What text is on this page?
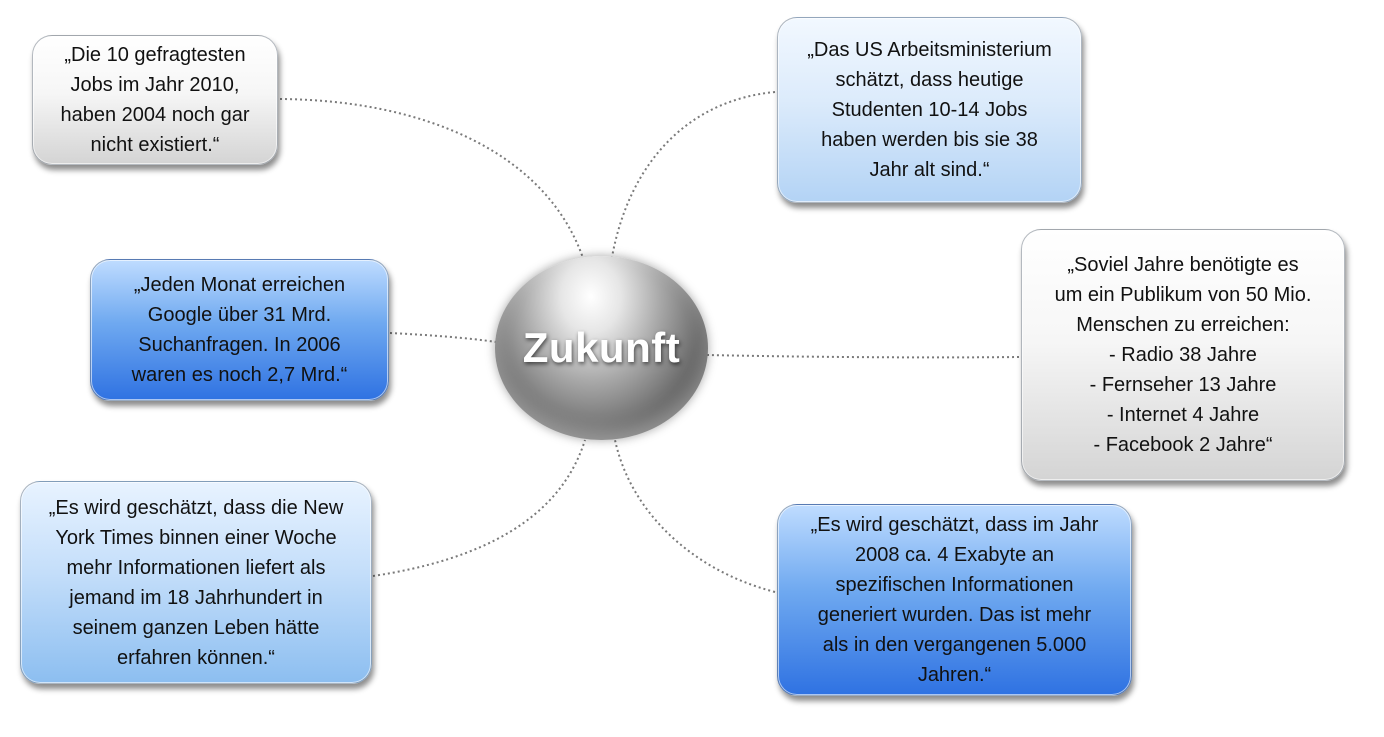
Zukunft
„Die 10 gefragtesten
Jobs im Jahr 2010,
haben 2004 noch gar
nicht existiert.“
„Das US Arbeitsministerium
schätzt, dass heutige
Studenten 10-14 Jobs
haben werden bis sie 38
Jahr alt sind.“
„Jeden Monat erreichen
Google über 31 Mrd.
Suchanfragen. In 2006
waren es noch 2,7 Mrd.“
„Soviel Jahre benötigte es
um ein Publikum von 50 Mio.
Menschen zu erreichen:
- Radio 38 Jahre
- Fernseher 13 Jahre
- Internet 4 Jahre
- Facebook 2 Jahre“
„Es wird geschätzt, dass die New
York Times binnen einer Woche
mehr Informationen liefert als
jemand im 18 Jahrhundert in
seinem ganzen Leben hätte
erfahren können.“
„Es wird geschätzt, dass im Jahr
2008 ca. 4 Exabyte an
spezifischen Informationen
generiert wurden. Das ist mehr
als in den vergangenen 5.000
Jahren.“
